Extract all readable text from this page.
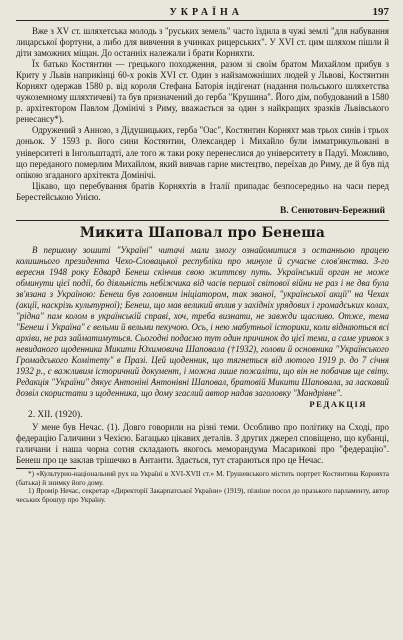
УКРАЇНА	197

Вже з XV ст. шляхетська молодь з "руських земель" часто їздила в чужі землі "для набування лицарської фортуни, а либо для вивчення в учинках рицерських". У XVI ст. цим шляхом пішли й діти заможних міщан. До останніх належали і брати Корняхти.

Їх батько Костянтин — грецького походження, разом зі своїм братом Михайлом прибув з Криту у Львів наприкінці 60-х років XVI ст. Один з найзаможніших людей у Львові, Костянтин Корняхт одержав 1580 р. від короля Стефана Баторія індігенат (надання польського шляхетства чужоземному шляхтичеві) та був призначений до герба "Крушина". Його дім, побудований в 1580 р. архітектором Павлом Домінічі з Риму, вважається за один з найкращих зразків Львівського ренесансу*).

Одружений з Анною, з Дідушицьких, герба "Оас", Костянтин Корняхт мав трьох синів і трьох доньок. У 1593 р. його сини Костянтин, Олександер і Михайло були імматрикульовані в університеті в Інгольштадті, але того ж таки року перенеслися до університету в Падуї. Можливо, що переданого померлим Михайлом, який вивчав гарне мистецтво, переїхав до Риму, де й був під опікою згаданого архітекта Домінічі.

Цікаво, що перебування братів Корняхтів в Італії припадає безпосередньо на часи перед Берестейською Унією.

В. Сенютович-Бережний
Микита Шаповал про Бенеша

В першому зошиті "Україні" читачі мали змогу ознайомитися з останньою працею колишнього президента Чехо-Словацької республіки про минуле й сучасне слов'янства. З-го вересня 1948 року Едвард Бенеш скінчив свою життєву путь. Український орган не може обминути цієї події, бо діяльність небіжчика від часів першої світової війни не раз і не два була зв'язана з Україною: Бенеш був головним ініціатором, так званої, "української акції" на Чехах (акції, наскрізь культурної); Бенеш, що мав великий вплив у західніх урядових і громадських колах, "рідна" пам колом в українській справі, хоч, треба визнати, не завжди щасливо. Отже, тема "Бенеш і Україна" є вельми й вельми пекучою. Ось, і нею мабутньої історики, коли віднаються всі архіви, не раз займатимуться. Сьогодні подаємо тут один причинок до цієї теми, а саме уривок з невиданого щоденника Микити Юхимовича Шаповала (†1932), голови й основника "Українського Громадського Комітету" в Празі. Цей щоденник, що тягнеться від лютого 1919 р. до 7 січня 1932 р., є важливим історичний документ, і можна лише пожаліти, що він не побачив ще світу. Редакція "України" дякує Антоніні Антонівні Шаповал, братовій Микити Шаповала, за ласкавий дозвіл скористати з щоденника, що дому згаслий автор надав заголовку "Мандрівне".

РЕДАКЦІЯ
2. XII. (1920).

У мене був Нечас. (1). Довго говорили на різні теми. Особливо про політику на Сході, про федерацію Галичини з Чехією. Багацько цікавих деталів. З других джерел сповіщено, що кубанці, галичани і наша чорна сотня складають якогось меморандума Масарикові про "федерацію". Бенеш про це заклав трішечко в Антанти. Здається, тут стараються про це Нечас.

*) «Культурно-національний рух на Україні в XVI-XVII ст.» М. Грушевського містить портрет Костянтина Корняхта (батька) й знимку його дому.

1) Яромір Нечас, секретар «Директорії Закарпатської України» (1919), пізніше посол до празького парламенту, автор чеських брошур про Україну.
